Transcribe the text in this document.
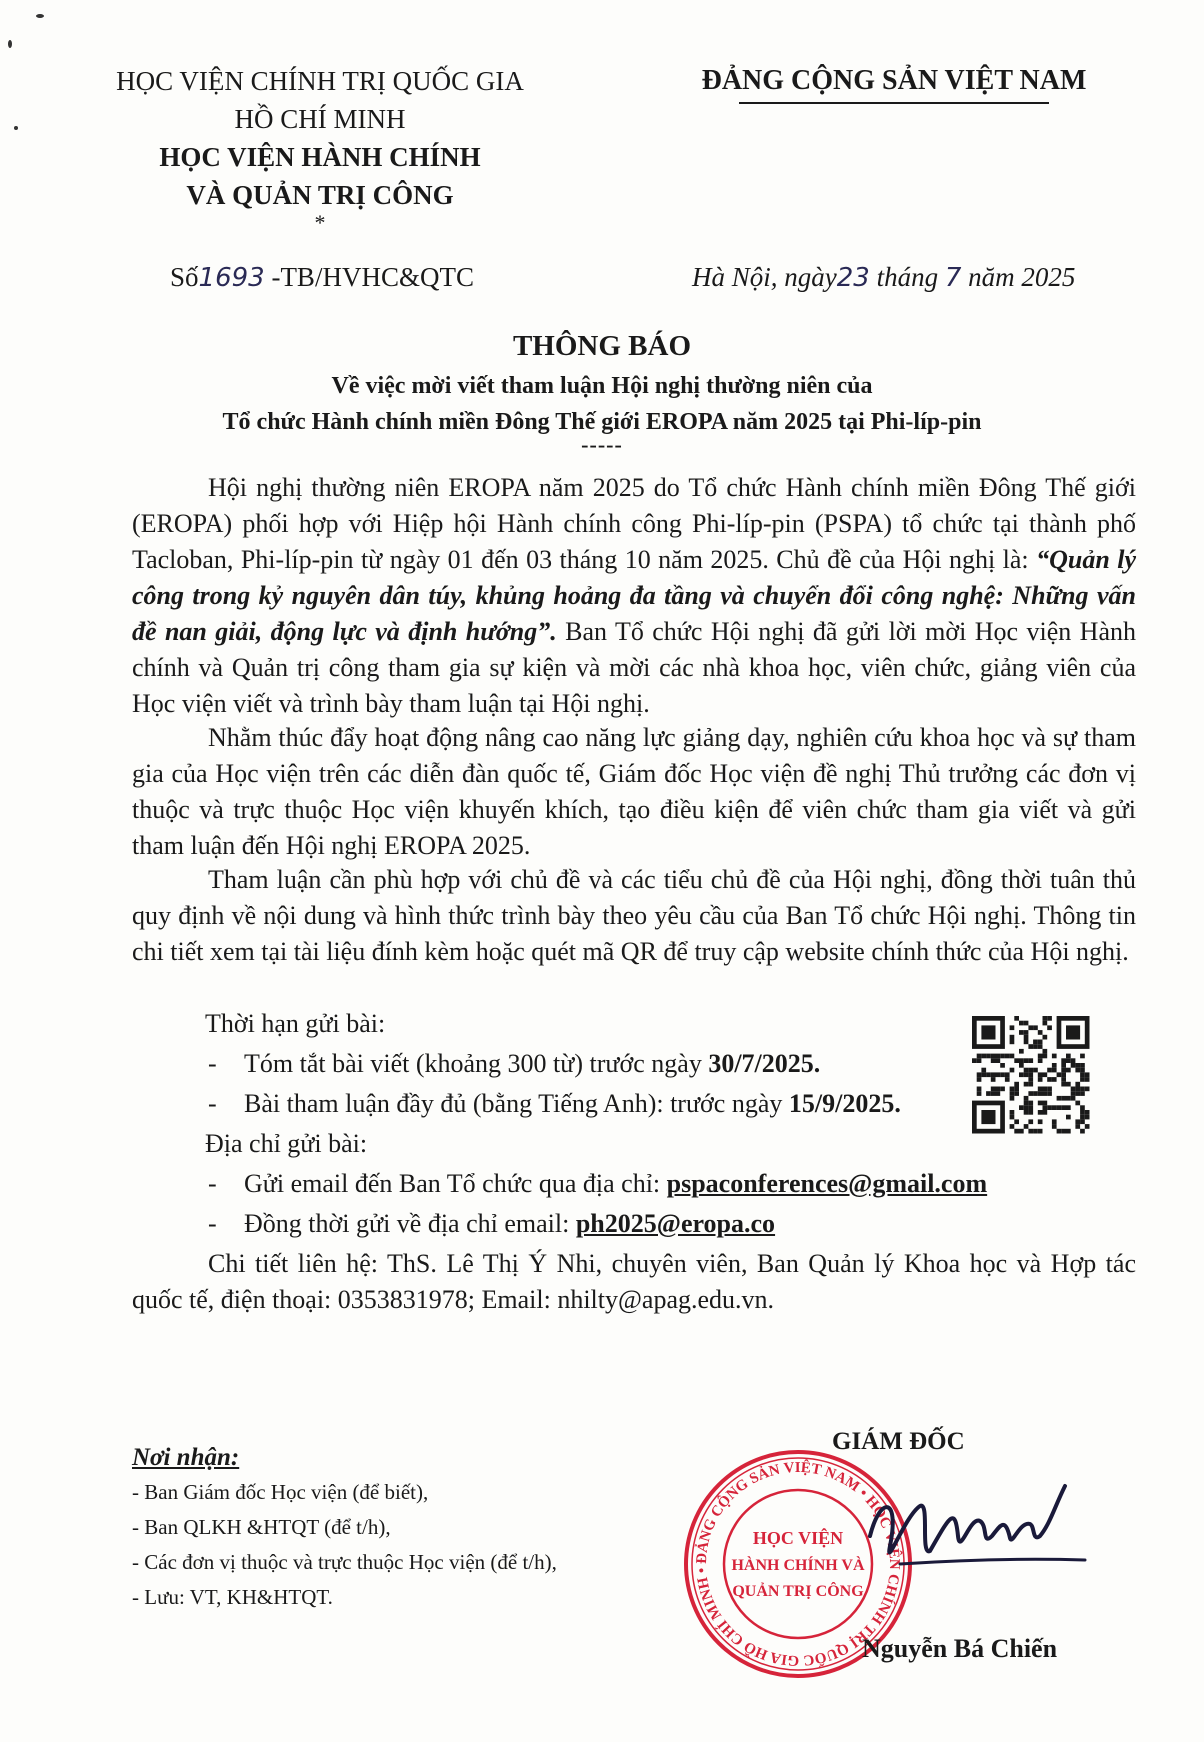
HỌC VIỆN CHÍNH TRỊ QUỐC GIA
HỒ CHÍ MINH
HỌC VIỆN HÀNH CHÍNH
VÀ QUẢN TRỊ CÔNG
*
ĐẢNG CỘNG SẢN VIỆT NAM
Số1693 -TB/HVHC&QTC	Hà Nội, ngày23 tháng 7 năm 2025
THÔNG BÁO
Về việc mời viết tham luận Hội nghị thường niên của
Tổ chức Hành chính miền Đông Thế giới EROPA năm 2025 tại Phi-líp-pin
-----

Hội nghị thường niên EROPA năm 2025 do Tổ chức Hành chính miền Đông Thế giới (EROPA) phối hợp với Hiệp hội Hành chính công Phi-líp-pin (PSPA) tổ chức tại thành phố Tacloban, Phi-líp-pin từ ngày 01 đến 03 tháng 10 năm 2025. Chủ đề của Hội nghị là: “Quản lý công trong kỷ nguyên dân túy, khủng hoảng đa tầng và chuyển đổi công nghệ: Những vấn đề nan giải, động lực và định hướng”. Ban Tổ chức Hội nghị đã gửi lời mời Học viện Hành chính và Quản trị công tham gia sự kiện và mời các nhà khoa học, viên chức, giảng viên của Học viện viết và trình bày tham luận tại Hội nghị.

Nhằm thúc đẩy hoạt động nâng cao năng lực giảng dạy, nghiên cứu khoa học và sự tham gia của Học viện trên các diễn đàn quốc tế, Giám đốc Học viện đề nghị Thủ trưởng các đơn vị thuộc và trực thuộc Học viện khuyến khích, tạo điều kiện để viên chức tham gia viết và gửi tham luận đến Hội nghị EROPA 2025.

Tham luận cần phù hợp với chủ đề và các tiểu chủ đề của Hội nghị, đồng thời tuân thủ quy định về nội dung và hình thức trình bày theo yêu cầu của Ban Tổ chức Hội nghị. Thông tin chi tiết xem tại tài liệu đính kèm hoặc quét mã QR để truy cập website chính thức của Hội nghị.

Thời hạn gửi bài:
- Tóm tắt bài viết (khoảng 300 từ) trước ngày 30/7/2025.
- Bài tham luận đầy đủ (bằng Tiếng Anh): trước ngày 15/9/2025.
Địa chỉ gửi bài:
- Gửi email đến Ban Tổ chức qua địa chỉ: pspaconferences@gmail.com
- Đồng thời gửi về địa chỉ email: ph2025@eropa.co

Chi tiết liên hệ: ThS. Lê Thị Ý Nhi, chuyên viên, Ban Quản lý Khoa học và Hợp tác quốc tế, điện thoại: 0353831978; Email: nhilty@apag.edu.vn.

Nơi nhận:
- Ban Giám đốc Học viện (để biết),
- Ban QLKH &HTQT (để t/h),
- Các đơn vị thuộc và trực thuộc Học viện (để t/h),
- Lưu: VT, KH&HTQT.
GIÁM ĐỐC
ĐẢNG CỘNG SẢN VIỆT NAM • HỌC VIỆN CHÍNH TRỊ QUỐC GIA HỒ CHÍ MINH •
HỌC VIỆN
HÀNH CHÍNH VÀ
QUẢN TRỊ CÔNG
Nguyễn Bá Chiến
